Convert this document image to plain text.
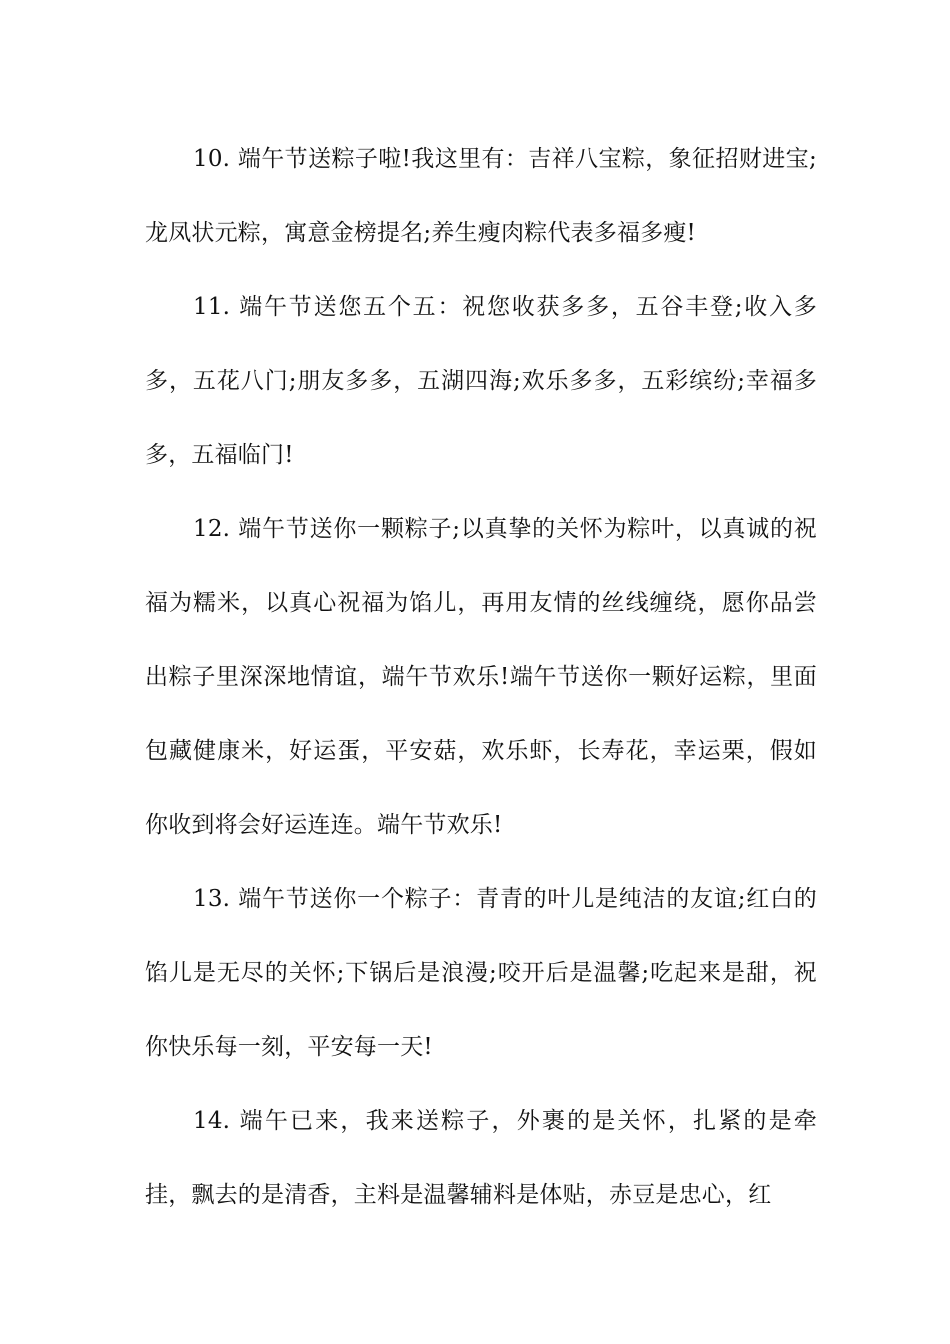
10. 端午节送粽子啦!我这里有：吉祥八宝粽，象征招财进宝;龙凤状元粽，寓意金榜提名;养生瘦肉粽代表多福多瘦!

11. 端午节送您五个五：祝您收获多多，五谷丰登;收入多多，五花八门;朋友多多，五湖四海;欢乐多多，五彩缤纷;幸福多多，五福临门!

12. 端午节送你一颗粽子;以真挚的关怀为粽叶，以真诚的祝福为糯米，以真心祝福为馅儿，再用友情的丝线缠绕，愿你品尝出粽子里深深地情谊，端午节欢乐!端午节送你一颗好运粽，里面包藏健康米，好运蛋，平安菇，欢乐虾，长寿花，幸运栗，假如你收到将会好运连连。端午节欢乐!

13. 端午节送你一个粽子：青青的叶儿是纯洁的友谊;红白的馅儿是无尽的关怀;下锅后是浪漫;咬开后是温馨;吃起来是甜，祝你快乐每一刻，平安每一天!

14. 端午已来，我来送粽子，外裹的是关怀，扎紧的是牵挂，飘去的是清香，主料是温馨辅料是体贴，赤豆是忠心，红
